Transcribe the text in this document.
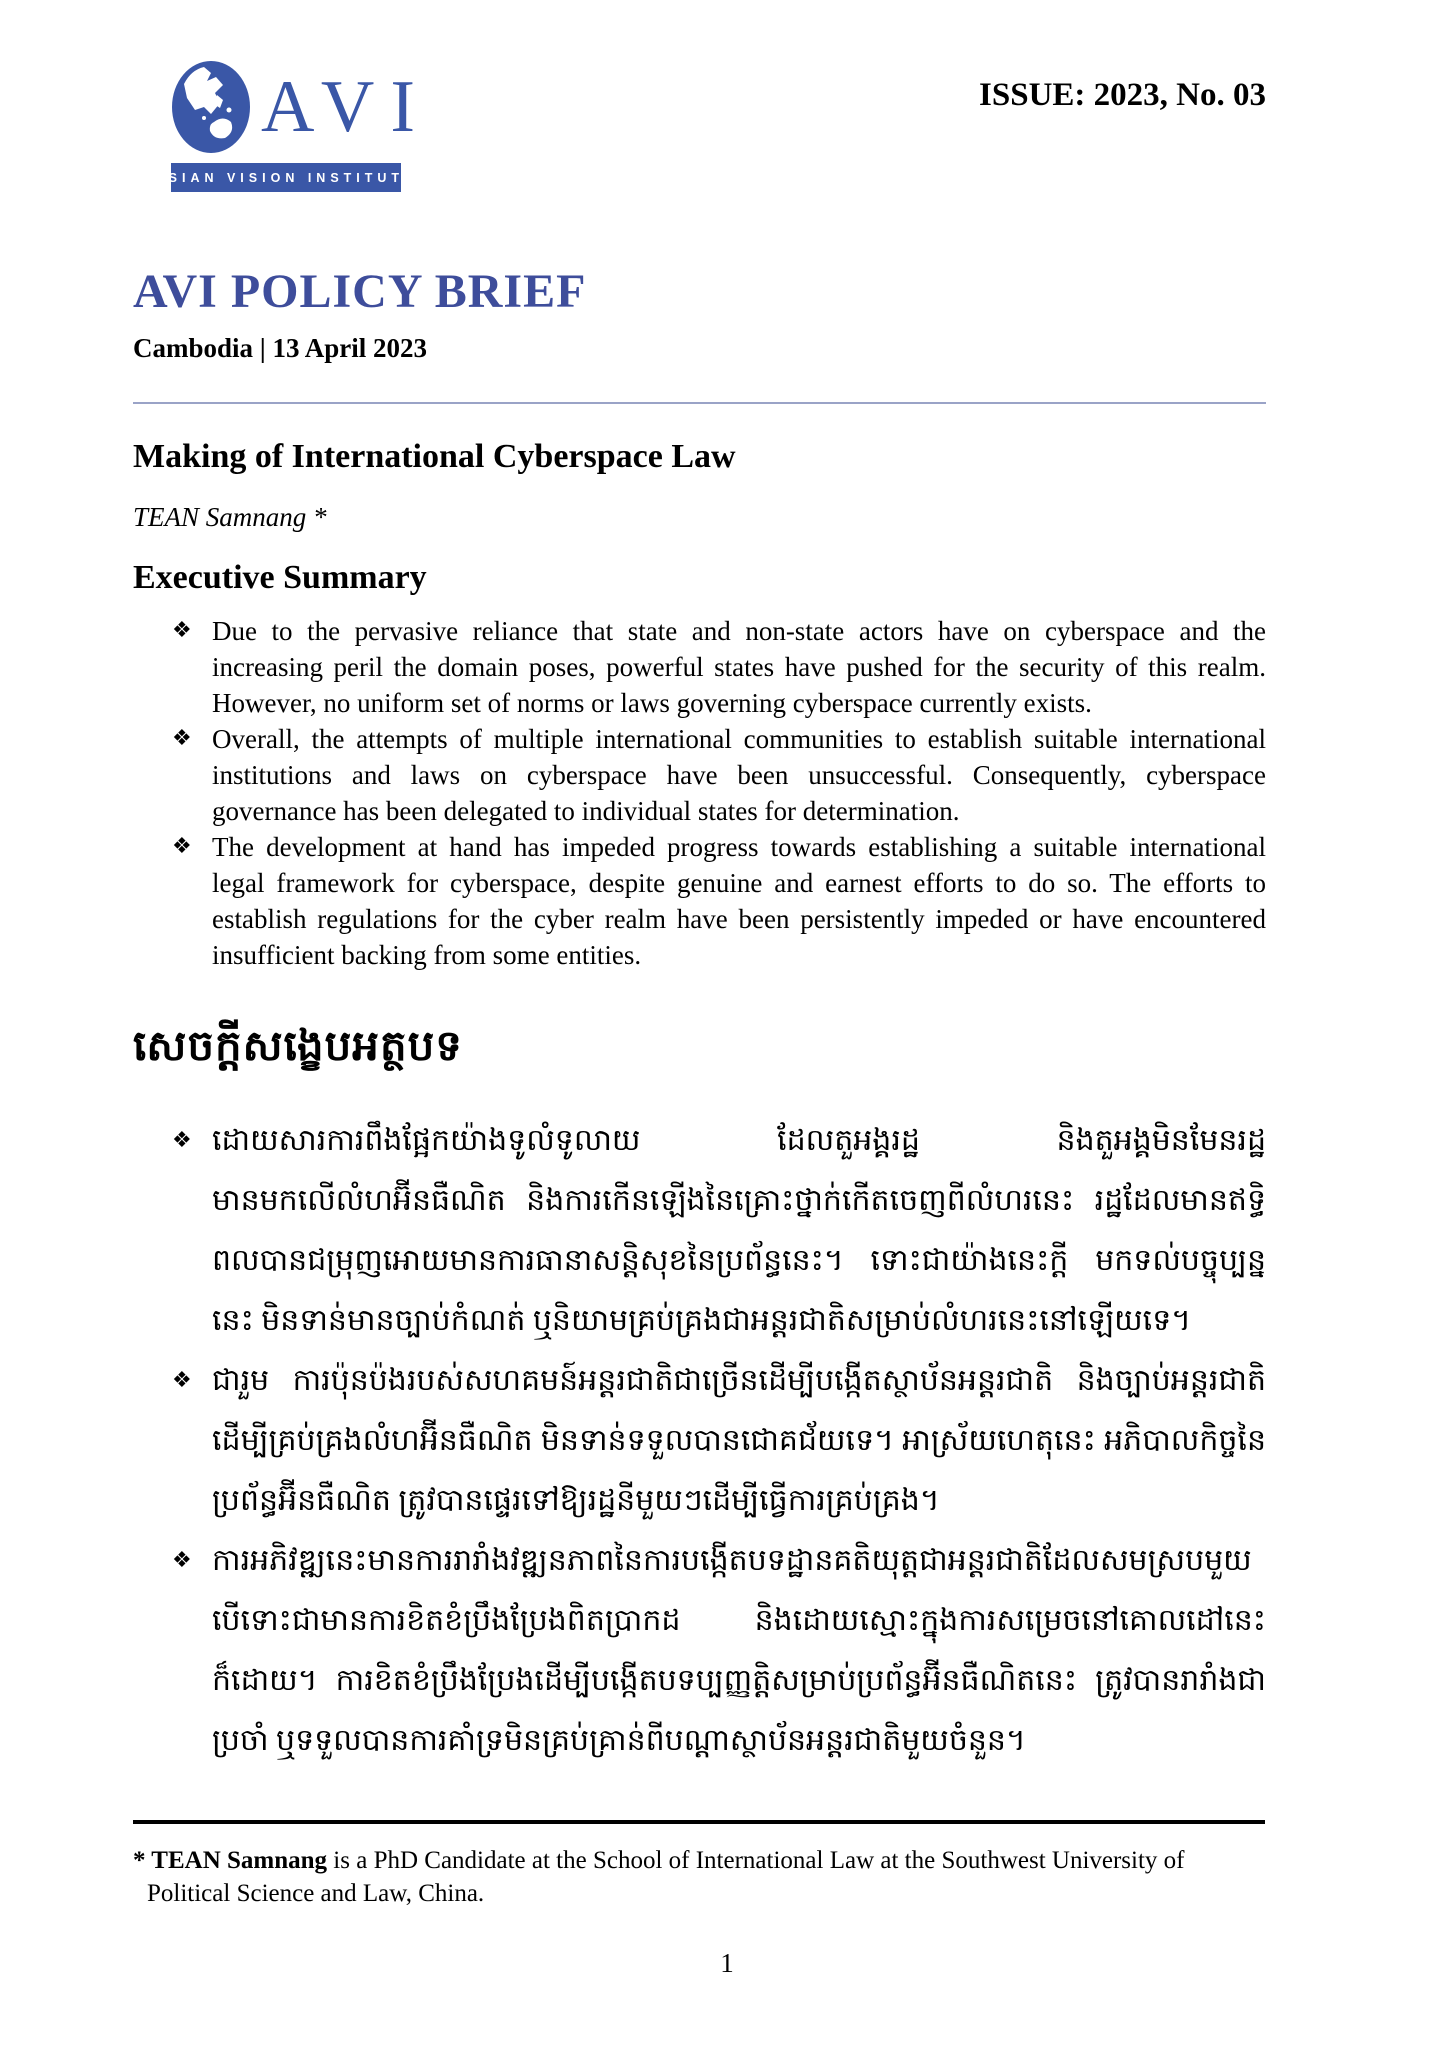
AVI
ASIAN VISION INSTITUTE
ISSUE: 2023, No. 03
AVI POLICY BRIEF
Cambodia | 13 April 2023
Making of International Cyberspace Law
TEAN Samnang *
Executive Summary
❖ Due to the pervasive reliance that state and non-state actors have on cyberspace and the increasing peril the domain poses, powerful states have pushed for the security of this realm. However, no uniform set of norms or laws governing cyberspace currently exists.
❖ Overall, the attempts of multiple international communities to establish suitable international institutions and laws on cyberspace have been unsuccessful. Consequently, cyberspace governance has been delegated to individual states for determination.
❖ The development at hand has impeded progress towards establishing a suitable international legal framework for cyberspace, despite genuine and earnest efforts to do so. The efforts to establish regulations for the cyber realm have been persistently impeded or have encountered insufficient backing from some entities.
សេចក្តីសង្ខេបអត្ថបទ
❖ ដោយសារការពឹងផ្អែកយ៉ាងទូលំទូលាយ ដែលតួអង្គរដ្ឋ និងតួអង្គមិនមែនរដ្ឋមានមកលើលំហអ៊ីនធឺណិត និងការកើនឡើងនៃគ្រោះថ្នាក់កើតចេញពីលំហរនេះ រដ្ឋដែលមានឥទ្ធិពលបានជម្រុញអោយមានការធានាសន្តិសុខនៃប្រព័ន្ធនេះ។ ទោះជាយ៉ាងនេះក្តី មកទល់បច្ចុប្បន្ននេះ មិនទាន់មានច្បាប់កំណត់ ឬនិយាមគ្រប់គ្រងជាអន្តរជាតិសម្រាប់លំហរនេះនៅឡើយទេ។
❖ ជារួម ការប៉ុនប៉ងរបស់សហគមន៍អន្តរជាតិជាច្រើនដើម្បីបង្កើតស្ថាប័នអន្តរជាតិ និងច្បាប់អន្តរជាតិដើម្បីគ្រប់គ្រងលំហអ៊ីនធឺណិត មិនទាន់ទទួលបានជោគជ័យទេ។ អាស្រ័យហេតុនេះ អភិបាលកិច្ចនៃប្រព័ន្ធអ៊ីនធឺណិត ត្រូវបានផ្ទេរទៅឱ្យរដ្ឋនីមួយៗដើម្បីធ្វើការគ្រប់គ្រង។
❖ ការអភិវឌ្ឍនេះមានការរារាំងវឌ្ឍនភាពនៃការបង្កើតបទដ្ឋានគតិយុត្តជាអន្តរជាតិដែលសមស្របមួយ បើទោះជាមានការខិតខំប្រឹងប្រែងពិតប្រាកដ និងដោយស្មោះក្នុងការសម្រេចនៅគោលដៅនេះក៏ដោយ។ ការខិតខំប្រឹងប្រែងដើម្បីបង្កើតបទប្បញ្ញត្តិសម្រាប់ប្រព័ន្ធអ៊ីនធឺណិតនេះ ត្រូវបានរារាំងជាប្រចាំ ឬទទួលបានការគាំទ្រមិនគ្រប់គ្រាន់ពីបណ្តាស្ថាប័នអន្តរជាតិមួយចំនួន។
* TEAN Samnang is a PhD Candidate at the School of International Law at the Southwest University of
Political Science and Law, China.
1
